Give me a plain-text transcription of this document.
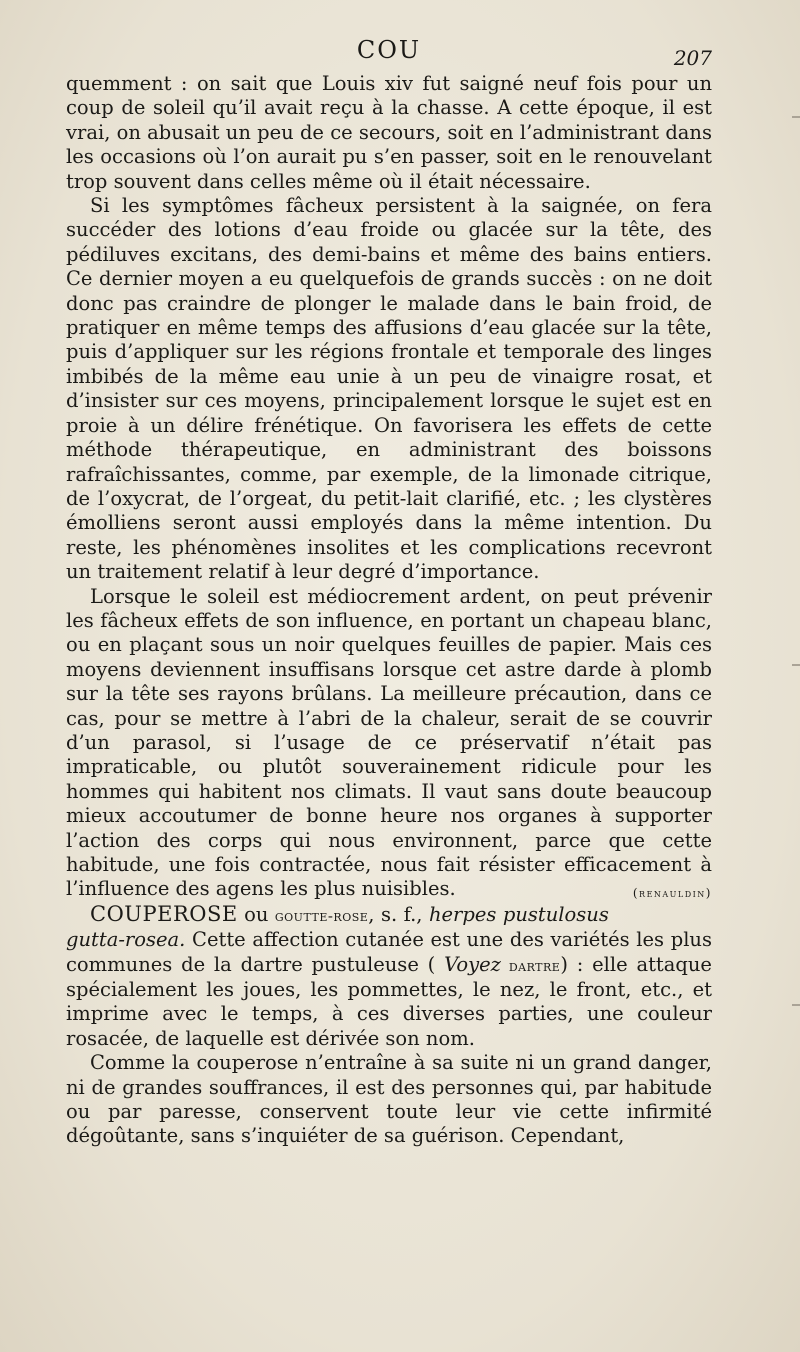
COU	207

quemment : on sait que Louis xiv fut saigné neuf fois pour un coup de soleil qu’il avait reçu à la chasse. A cette époque, il est vrai, on abusait un peu de ce secours, soit en l’administrant dans les occasions où l’on aurait pu s’en passer, soit en le renouvelant trop souvent dans celles même où il était nécessaire.

Si les symptômes fâcheux persistent à la saignée, on fera succéder des lotions d’eau froide ou glacée sur la tête, des pédiluves excitans, des demi-bains et même des bains entiers. Ce dernier moyen a eu quelquefois de grands succès : on ne doit donc pas craindre de plonger le malade dans le bain froid, de pratiquer en même temps des affusions d’eau glacée sur la tête, puis d’appliquer sur les régions frontale et temporale des linges imbibés de la même eau unie à un peu de vinaigre rosat, et d’insister sur ces moyens, principalement lorsque le sujet est en proie à un délire frénétique. On favorisera les effets de cette méthode thérapeutique, en administrant des boissons rafraîchissantes, comme, par exemple, de la limonade citrique, de l’oxycrat, de l’orgeat, du petit-lait clarifié, etc. ; les clystères émolliens seront aussi employés dans la même intention. Du reste, les phénomènes insolites et les complications recevront un traitement relatif à leur degré d’importance.

Lorsque le soleil est médiocrement ardent, on peut prévenir les fâcheux effets de son influence, en portant un chapeau blanc, ou en plaçant sous un noir quelques feuilles de papier. Mais ces moyens deviennent insuffisans lorsque cet astre darde à plomb sur la tête ses rayons brûlans. La meilleure précaution, dans ce cas, pour se mettre à l’abri de la chaleur, serait de se couvrir d’un parasol, si l’usage de ce préservatif n’était pas impraticable, ou plutôt souverainement ridicule pour les hommes qui habitent nos climats. Il vaut sans doute beaucoup mieux accoutumer de bonne heure nos organes à supporter l’action des corps qui nous environnent, parce que cette habitude, une fois contractée, nous fait résister efficacement à l’influence des agens les plus nuisibles.	(renauldin)

COUPEROSE ou goutte-rose, s. f., herpes pustulosus gutta-rosea. Cette affection cutanée est une des variétés les plus communes de la dartre pustuleuse ( Voyez dartre) : elle attaque spécialement les joues, les pommettes, le nez, le front, etc., et imprime avec le temps, à ces diverses parties, une couleur rosacée, de laquelle est dérivée son nom.

Comme la couperose n’entraîne à sa suite ni un grand danger, ni de grandes souffrances, il est des personnes qui, par habitude ou par paresse, conservent toute leur vie cette infirmité dégoûtante, sans s’inquiéter de sa guérison. Cependant,
